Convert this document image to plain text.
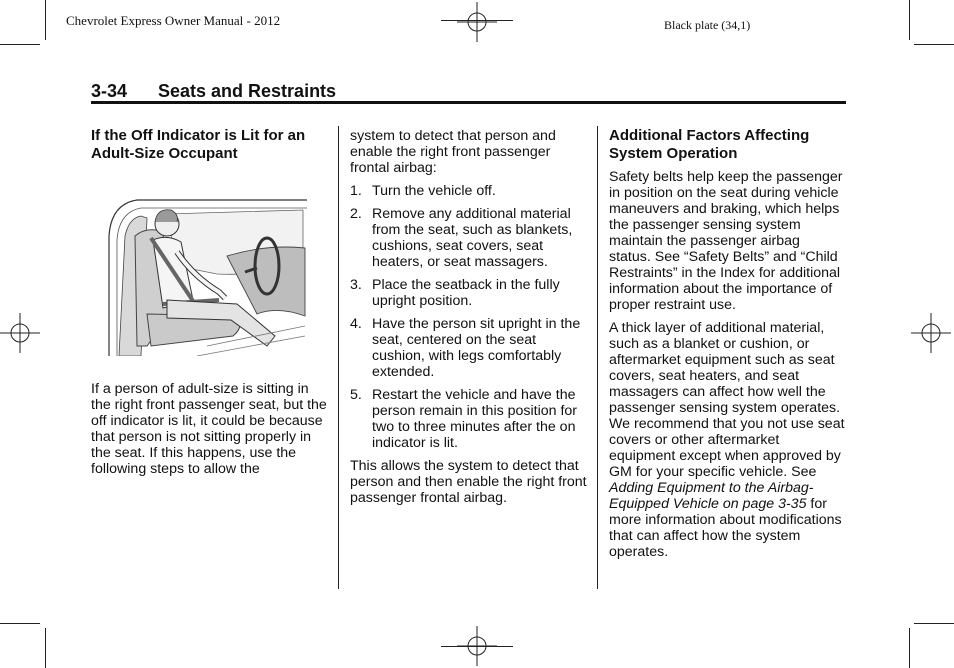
Chevrolet Express Owner Manual - 2012	Black plate (34,1)
3-34 Seats and Restraints
If the Off Indicator is Lit for an Adult-Size Occupant

If a person of adult-size is sitting in the right front passenger seat, but the off indicator is lit, it could be because that person is not sitting properly in the seat. If this happens, use the following steps to allow the

system to detect that person and enable the right front passenger frontal airbag:

1. Turn the vehicle off.
2. Remove any additional material from the seat, such as blankets, cushions, seat covers, seat heaters, or seat massagers.
3. Place the seatback in the fully upright position.
4. Have the person sit upright in the seat, centered on the seat cushion, with legs comfortably extended.
5. Restart the vehicle and have the person remain in this position for two to three minutes after the on indicator is lit.

This allows the system to detect that person and then enable the right front passenger frontal airbag.

Additional Factors Affecting System Operation

Safety belts help keep the passenger in position on the seat during vehicle maneuvers and braking, which helps the passenger sensing system maintain the passenger airbag status. See “Safety Belts” and “Child Restraints” in the Index for additional information about the importance of proper restraint use.

A thick layer of additional material, such as a blanket or cushion, or aftermarket equipment such as seat covers, seat heaters, and seat massagers can affect how well the passenger sensing system operates. We recommend that you not use seat covers or other aftermarket equipment except when approved by GM for your specific vehicle. See Adding Equipment to the Airbag-Equipped Vehicle on page 3-35 for more information about modifications that can affect how the system operates.
